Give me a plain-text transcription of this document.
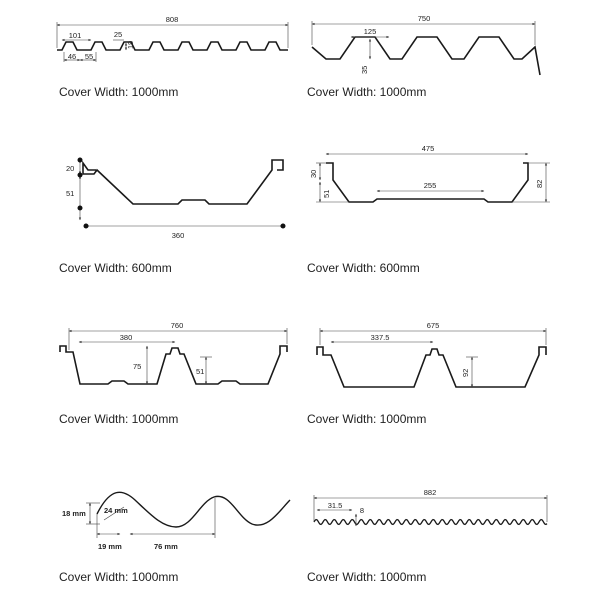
808
101	25
19
46 55
750
125
35
Cover Width: 1000mm	Cover Width: 1000mm
20
51
360
475
255
30
51
82
Cover Width: 600mm	Cover Width: 600mm
760
380
75
51
675
337.5
92
Cover Width: 1000mm	Cover Width: 1000mm
18 mm 24 mm
19 mm	76 mm
882
31.5
8
Cover Width: 1000mm	Cover Width: 1000mm
